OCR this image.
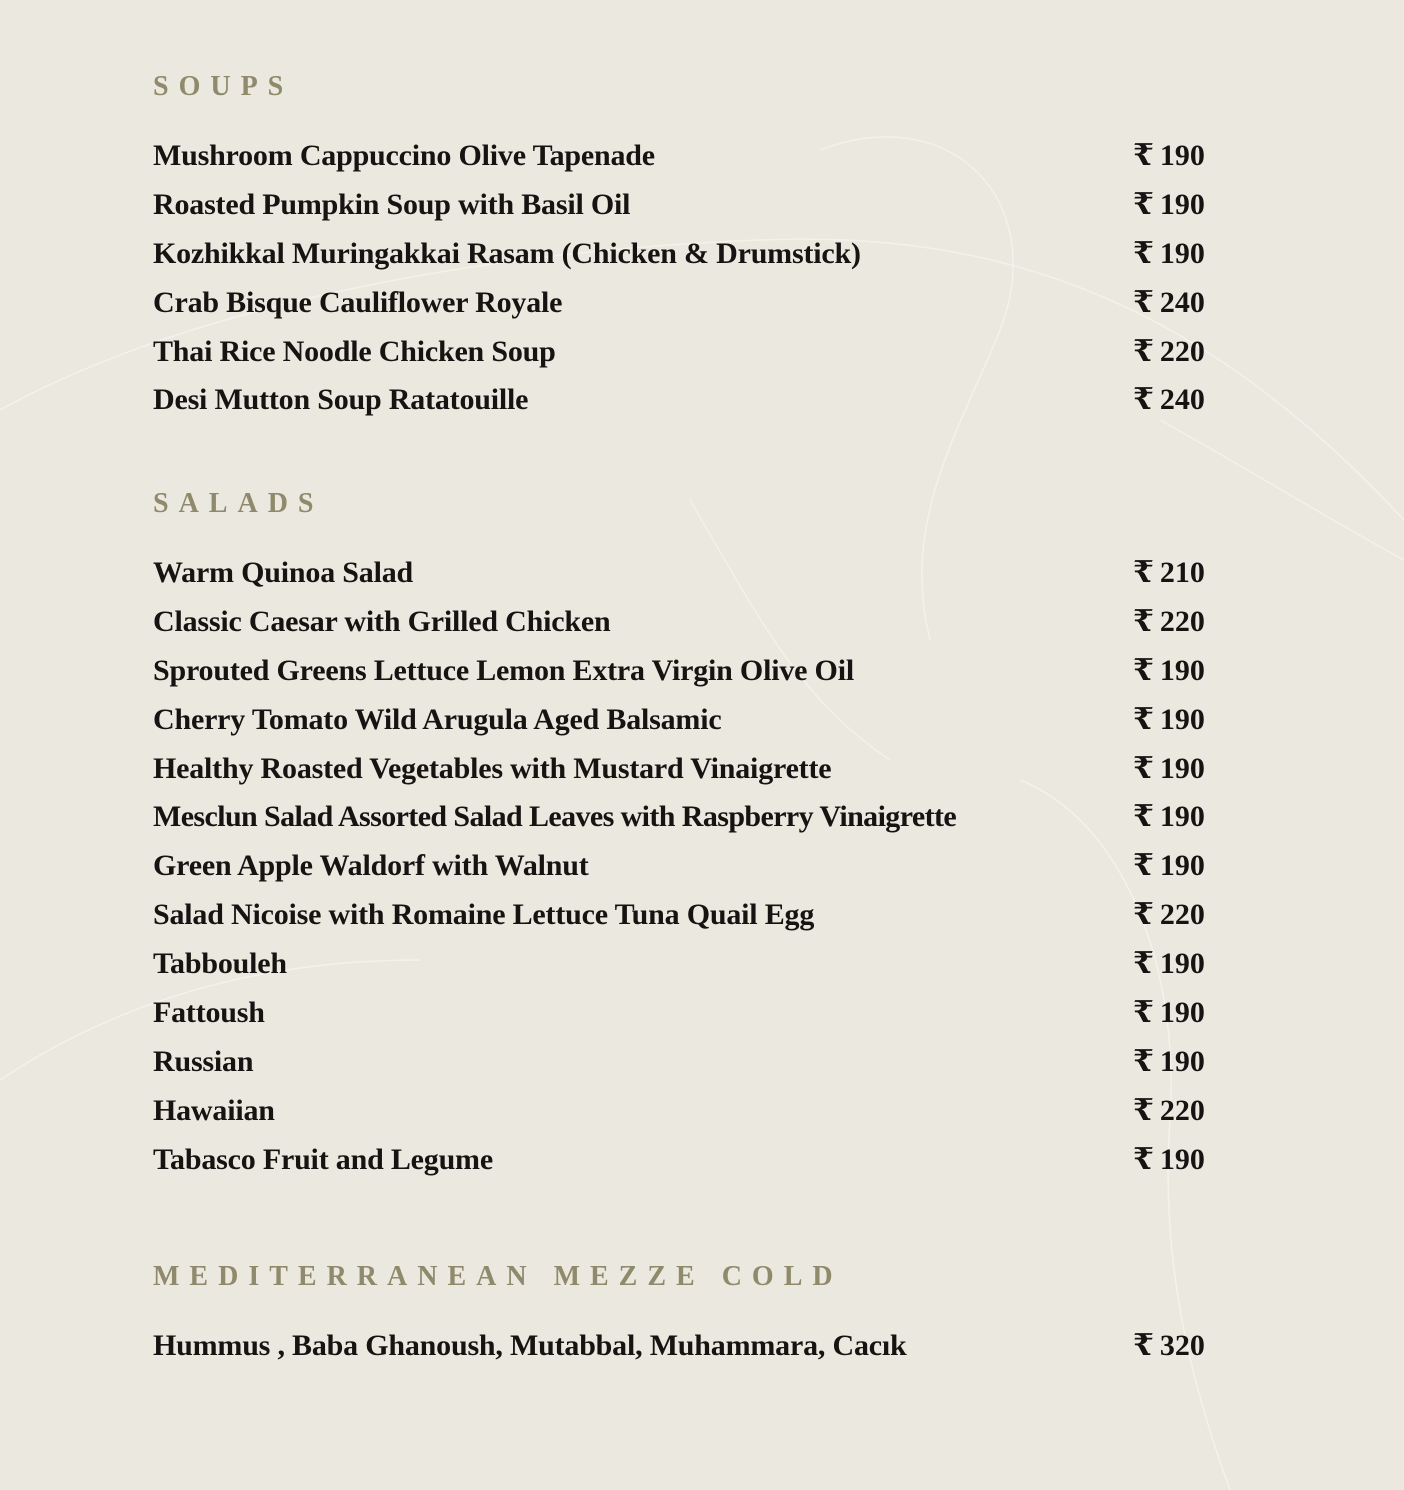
SOUPS
Mushroom Cappuccino Olive Tapenade	₹ 190
Roasted Pumpkin Soup with Basil Oil	₹ 190
Kozhikkal Muringakkai Rasam (Chicken & Drumstick)	₹ 190
Crab Bisque Cauliflower Royale	₹ 240
Thai Rice Noodle Chicken Soup	₹ 220
Desi Mutton Soup Ratatouille	₹ 240
SALADS
Warm Quinoa Salad	₹ 210
Classic Caesar with Grilled Chicken	₹ 220
Sprouted Greens Lettuce Lemon Extra Virgin Olive Oil	₹ 190
Cherry Tomato Wild Arugula Aged Balsamic	₹ 190
Healthy Roasted Vegetables with Mustard Vinaigrette	₹ 190
Mesclun Salad Assorted Salad Leaves with Raspberry Vinaigrette	₹ 190
Green Apple Waldorf with Walnut	₹ 190
Salad Nicoise with Romaine Lettuce Tuna Quail Egg	₹ 220
Tabbouleh	₹ 190
Fattoush	₹ 190
Russian	₹ 190
Hawaiian	₹ 220
Tabasco Fruit and Legume	₹ 190
MEDITERRANEAN MEZZE COLD
Hummus , Baba Ghanoush, Mutabbal, Muhammara, Cacık	₹ 320
